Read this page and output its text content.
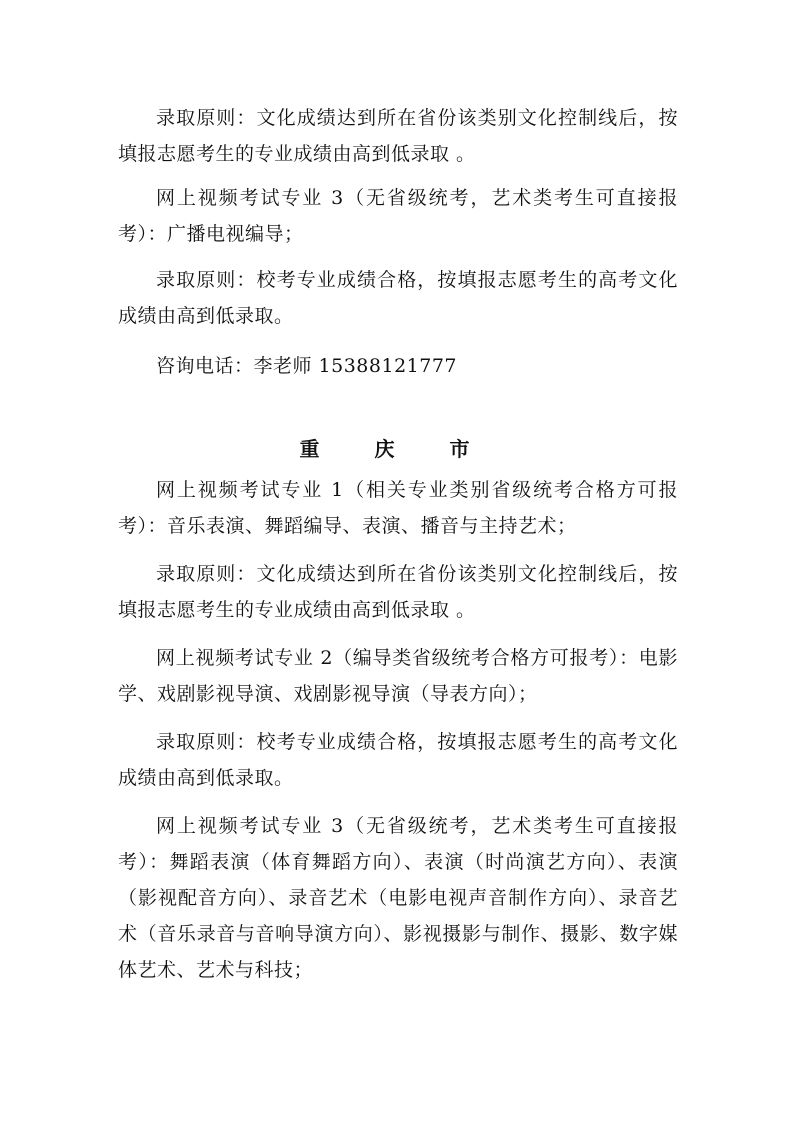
录取原则：文化成绩达到所在省份该类别文化控制线后，按填报志愿考生的专业成绩由高到低录取 。

网上视频考试专业 3（无省级统考，艺术类考生可直接报考）：广播电视编导；

录取原则：校考专业成绩合格，按填报志愿考生的高考文化成绩由高到低录取。

咨询电话：李老师 15388121777

重 庆 市

网上视频考试专业 1（相关专业类别省级统考合格方可报考）：音乐表演、舞蹈编导、表演、播音与主持艺术；

录取原则：文化成绩达到所在省份该类别文化控制线后，按填报志愿考生的专业成绩由高到低录取 。

网上视频考试专业 2（编导类省级统考合格方可报考）：电影学、戏剧影视导演、戏剧影视导演（导表方向）；

录取原则：校考专业成绩合格，按填报志愿考生的高考文化成绩由高到低录取。

网上视频考试专业 3（无省级统考，艺术类考生可直接报考）：舞蹈表演（体育舞蹈方向）、表演（时尚演艺方向）、表演（影视配音方向）、录音艺术（电影电视声音制作方向）、录音艺术（音乐录音与音响导演方向）、影视摄影与制作、摄影、数字媒体艺术、艺术与科技；
